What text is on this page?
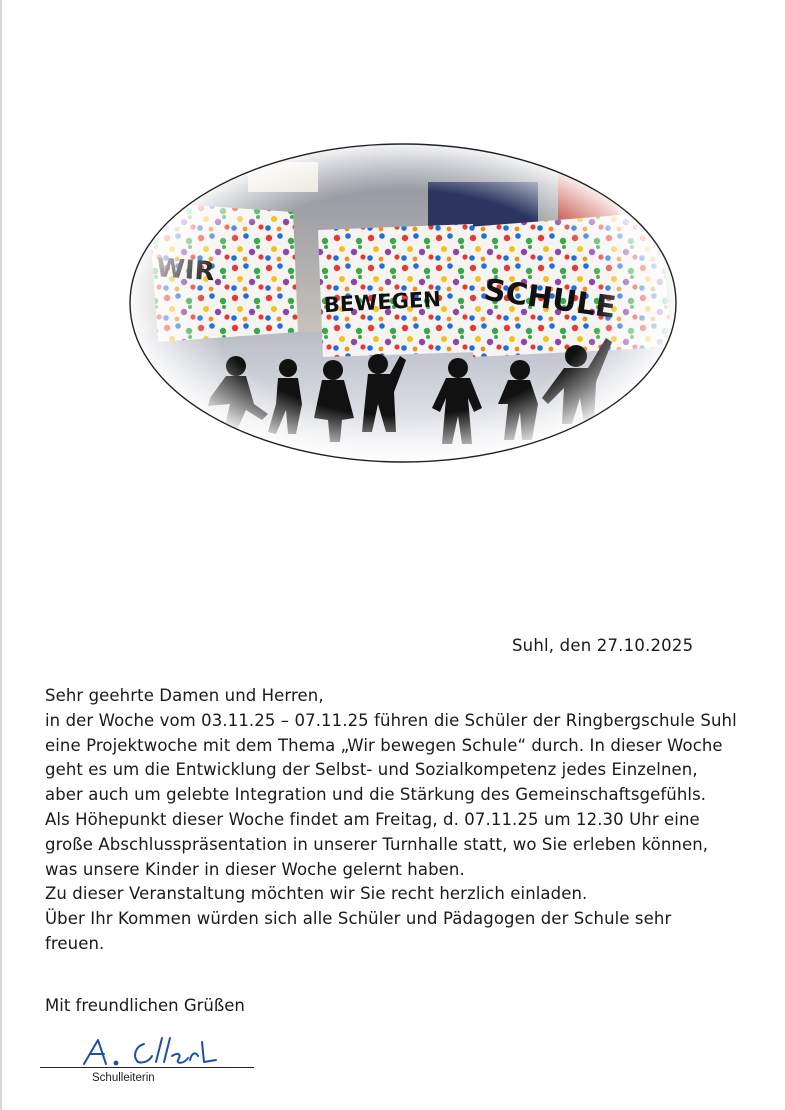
Suhl, den 27.10.2025

Sehr geehrte Damen und Herren,

in der Woche vom 03.11.25 – 07.11.25 führen die Schüler der Ringbergschule Suhl

eine Projektwoche mit dem Thema „Wir bewegen Schule“ durch. In dieser Woche

geht es um die Entwicklung der Selbst- und Sozialkompetenz jedes Einzelnen,

aber auch um gelebte Integration und die Stärkung des Gemeinschaftsgefühls.

Als Höhepunkt dieser Woche findet am Freitag, d. 07.11.25 um 12.30 Uhr eine

große Abschlusspräsentation in unserer Turnhalle statt, wo Sie erleben können,

was unsere Kinder in dieser Woche gelernt haben.

Zu dieser Veranstaltung möchten wir Sie recht herzlich einladen.

Über Ihr Kommen würden sich alle Schüler und Pädagogen der Schule sehr

freuen.

Mit freundlichen Grüßen
Schulleiterin
